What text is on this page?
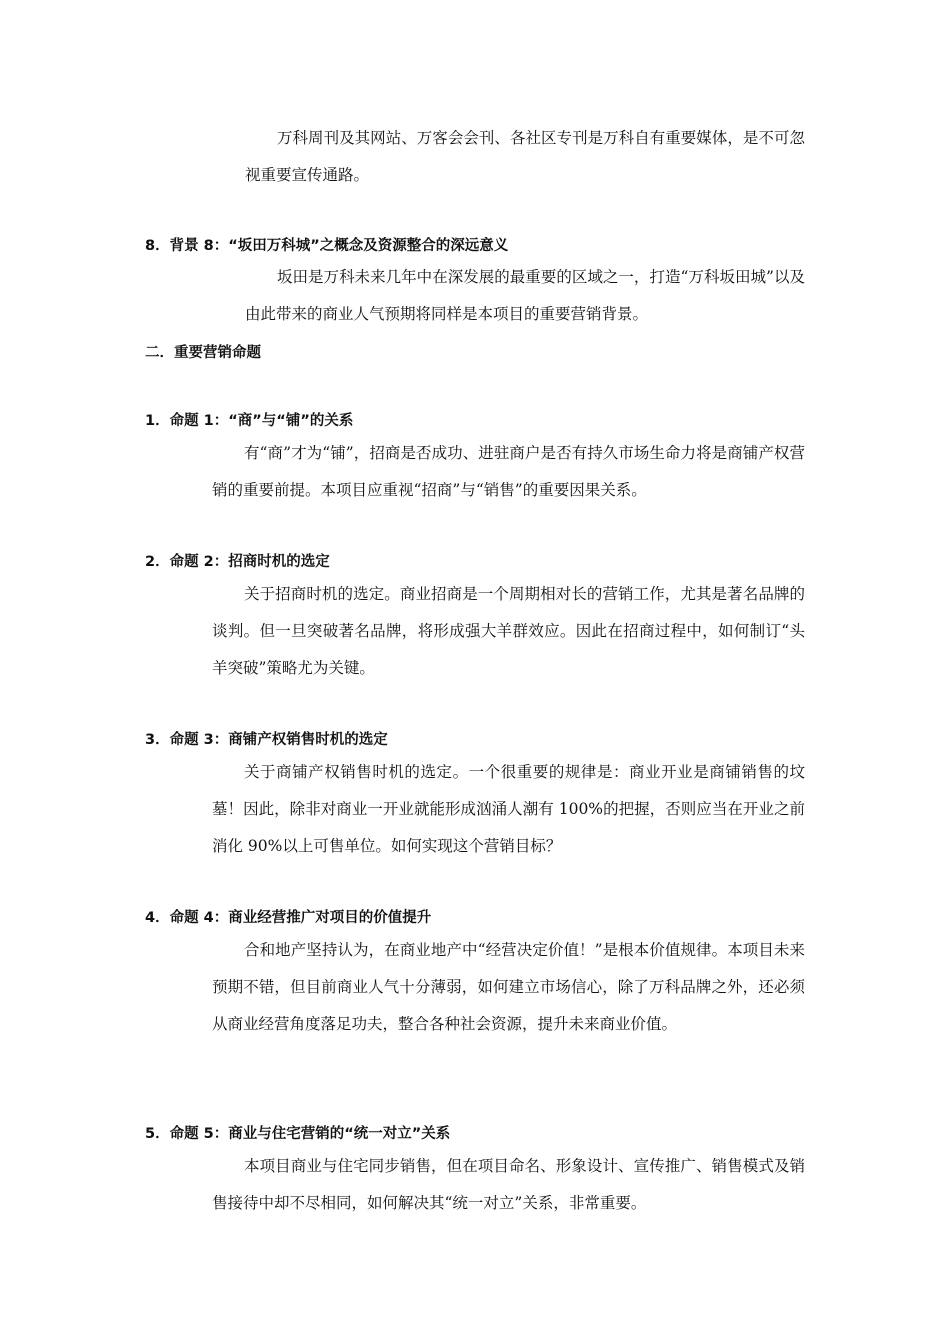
万科周刊及其网站、万客会会刊、各社区专刊是万科自有重要媒体，是不可忽视重要宣传通路。

8．背景 8：“坂田万科城”之概念及资源整合的深远意义

坂田是万科未来几年中在深发展的最重要的区域之一，打造“万科坂田城”以及由此带来的商业人气预期将同样是本项目的重要营销背景。

二．重要营销命题
1．命题 1：“商”与“铺”的关系

有“商”才为“铺”，招商是否成功、进驻商户是否有持久市场生命力将是商铺产权营销的重要前提。本项目应重视“招商”与“销售”的重要因果关系。

2．命题 2：招商时机的选定

关于招商时机的选定。商业招商是一个周期相对长的营销工作，尤其是著名品牌的谈判。但一旦突破著名品牌，将形成强大羊群效应。因此在招商过程中，如何制订“头羊突破”策略尤为关键。

3．命题 3：商铺产权销售时机的选定

关于商铺产权销售时机的选定。一个很重要的规律是：商业开业是商铺销售的坟墓！因此，除非对商业一开业就能形成汹涌人潮有 100%的把握，否则应当在开业之前消化 90%以上可售单位。如何实现这个营销目标？

4．命题 4：商业经营推广对项目的价值提升

合和地产坚持认为，在商业地产中“经营决定价值！”是根本价值规律。本项目未来预期不错，但目前商业人气十分薄弱，如何建立市场信心，除了万科品牌之外，还必须从商业经营角度落足功夫，整合各种社会资源，提升未来商业价值。

5．命题 5：商业与住宅营销的“统一对立”关系

本项目商业与住宅同步销售，但在项目命名、形象设计、宣传推广、销售模式及销售接待中却不尽相同，如何解决其“统一对立”关系，非常重要。
